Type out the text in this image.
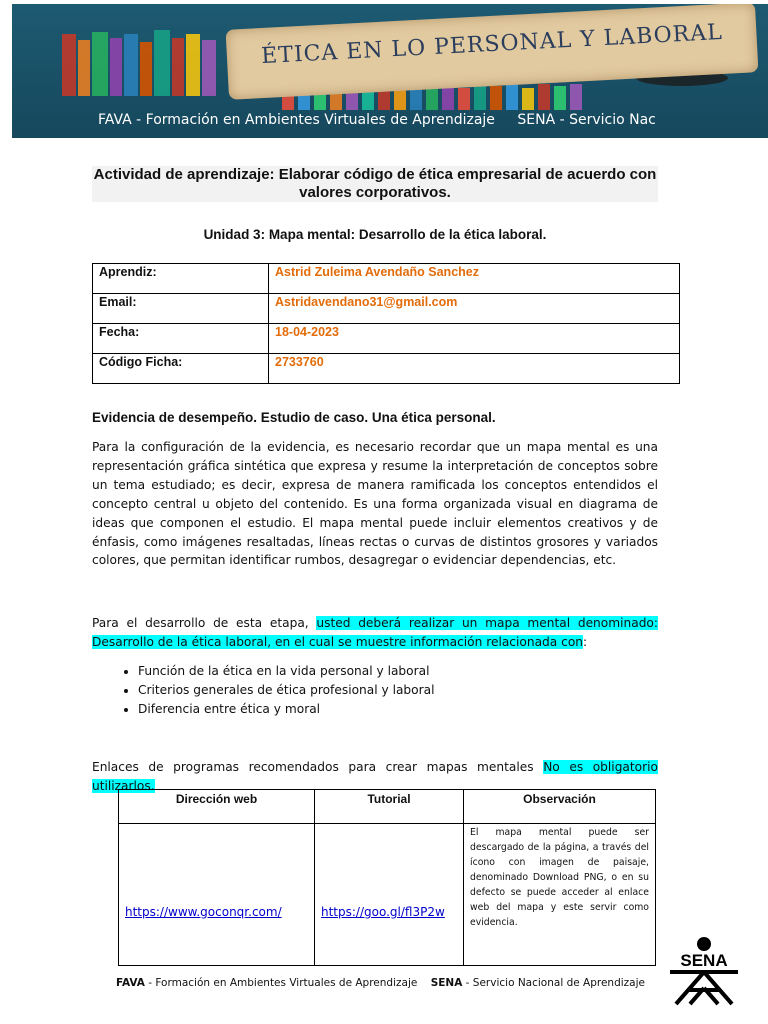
ÉTICA EN LO PERSONAL Y LABORAL
FAVA - Formación en Ambientes Virtuales de Aprendizaje SENA - Servicio Nac
Actividad de aprendizaje: Elaborar código de ética empresarial de acuerdo con valores corporativos.
Unidad 3: Mapa mental: Desarrollo de la ética laboral.
Aprendiz:	Astrid Zuleima Avendaño Sanchez
Email:	Astridavendano31@gmail.com
Fecha:	18-04-2023
Código Ficha:	2733760
Evidencia de desempeño. Estudio de caso. Una ética personal.
Para la configuración de la evidencia, es necesario recordar que un mapa mental es una representación gráfica sintética que expresa y resume la interpretación de conceptos sobre un tema estudiado; es decir, expresa de manera ramificada los conceptos entendidos el concepto central u objeto del contenido. Es una forma organizada visual en diagrama de ideas que componen el estudio. El mapa mental puede incluir elementos creativos y de énfasis, como imágenes resaltadas, líneas rectas o curvas de distintos grosores y variados colores, que permitan identificar rumbos, desagregar o evidenciar dependencias, etc.
Para el desarrollo de esta etapa, usted deberá realizar un mapa mental denominado: Desarrollo de la ética laboral, en el cual se muestre información relacionada con:
• Función de la ética en la vida personal y laboral
• Criterios generales de ética profesional y laboral
• Diferencia entre ética y moral
Enlaces de programas recomendados para crear mapas mentales No es obligatorio utilizarlos.
Dirección web	Tutorial	Observación
https://www.goconqr.com/	https://goo.gl/fl3P2w	El mapa mental puede ser descargado de la página, a través del ícono con imagen de paisaje, denominado Download PNG, o en su defecto se puede acceder al enlace web del mapa y este servir como evidencia.
FAVA - Formación en Ambientes Virtuales de Aprendizaje SENA - Servicio Nacional de Aprendizaje
SENA
